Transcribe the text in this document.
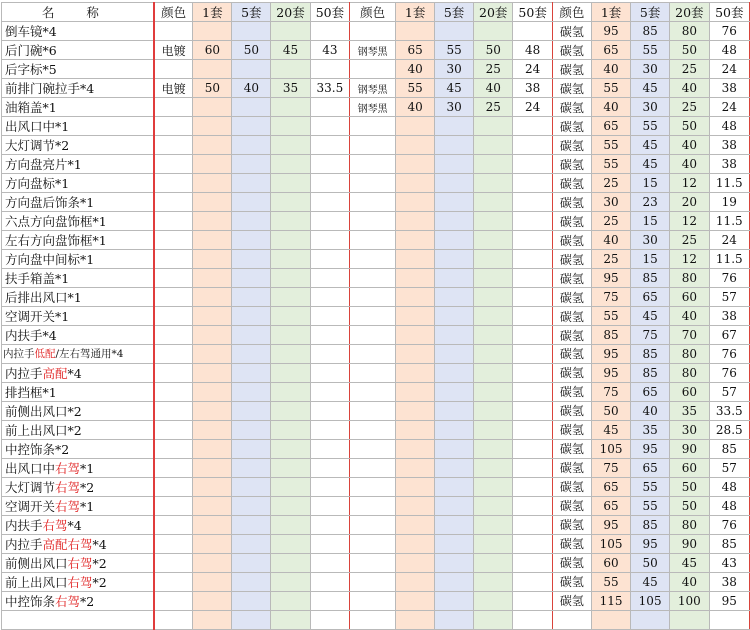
名 称	颜色	1套	5套	20套	50套	颜色	1套	5套	20套	50套	颜色	1套	5套	20套	50套
倒车镜*4											碳氢	95	85	80	76
后门碗*6	电镀	60	50	45	43	钢琴黑	65	55	50	48	碳氢	65	55	50	48
后字标*5							40	30	25	24	碳氢	40	30	25	24
前排门碗拉手*4	电镀	50	40	35	33.5	钢琴黑	55	45	40	38	碳氢	55	45	40	38
油箱盖*1						钢琴黑	40	30	25	24	碳氢	40	30	25	24
出风口中*1											碳氢	65	55	50	48
大灯调节*2											碳氢	55	45	40	38
方向盘亮片*1											碳氢	55	45	40	38
方向盘标*1											碳氢	25	15	12	11.5
方向盘后饰条*1											碳氢	30	23	20	19
六点方向盘饰框*1											碳氢	25	15	12	11.5
左右方向盘饰框*1											碳氢	40	30	25	24
方向盘中间标*1											碳氢	25	15	12	11.5
扶手箱盖*1											碳氢	95	85	80	76
后排出风口*1											碳氢	75	65	60	57
空调开关*1											碳氢	55	45	40	38
内扶手*4											碳氢	85	75	70	67
内拉手低配/左右驾通用*4											碳氢	95	85	80	76
内拉手高配*4											碳氢	95	85	80	76
排挡框*1											碳氢	75	65	60	57
前侧出风口*2											碳氢	50	40	35	33.5
前上出风口*2											碳氢	45	35	30	28.5
中控饰条*2											碳氢	105	95	90	85
出风口中右驾*1											碳氢	75	65	60	57
大灯调节右驾*2											碳氢	65	55	50	48
空调开关右驾*1											碳氢	65	55	50	48
内扶手右驾*4											碳氢	95	85	80	76
内拉手高配右驾*4											碳氢	105	95	90	85
前侧出风口右驾*2											碳氢	60	50	45	43
前上出风口右驾*2											碳氢	55	45	40	38
中控饰条右驾*2											碳氢	115	105	100	95
